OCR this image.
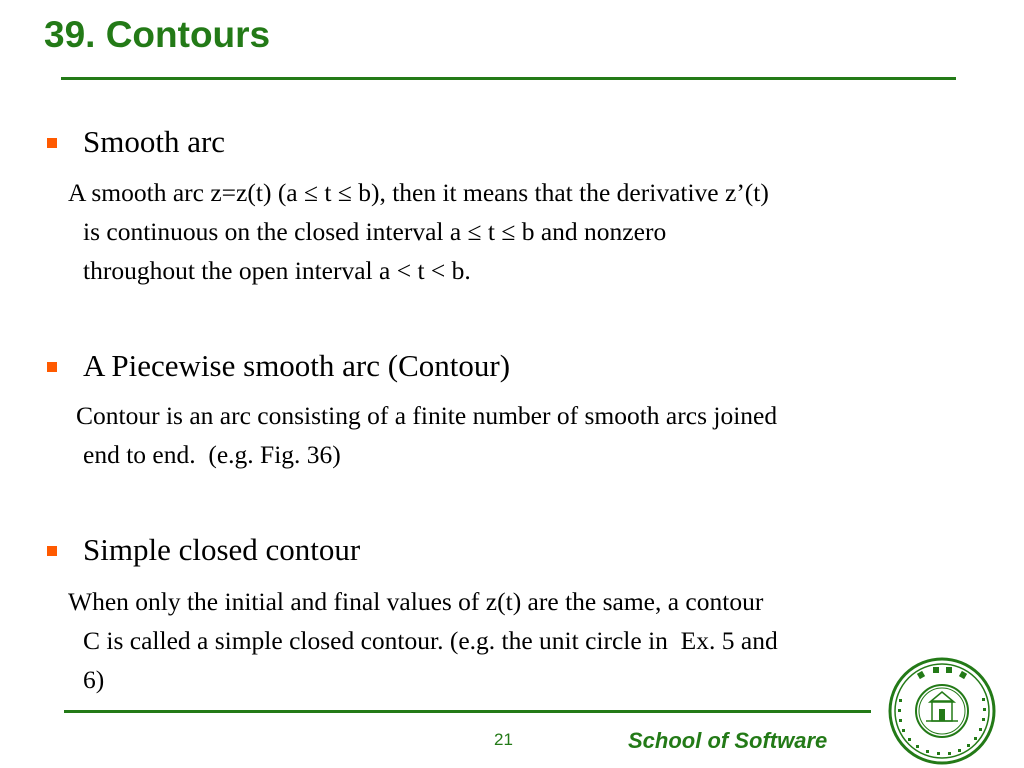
39. Contours
Smooth arc
A smooth arc z=z(t) (a ≤ t ≤ b), then it means that the derivative z’(t)
is continuous on the closed interval a ≤ t ≤ b and nonzero
throughout the open interval a < t < b.
A Piecewise smooth arc (Contour)
Contour is an arc consisting of a finite number of smooth arcs joined
end to end.  (e.g. Fig. 36)
Simple closed contour
When only the initial and final values of z(t) are the same, a contour
C is called a simple closed contour. (e.g. the unit circle in  Ex. 5 and
6)
21	School of Software
